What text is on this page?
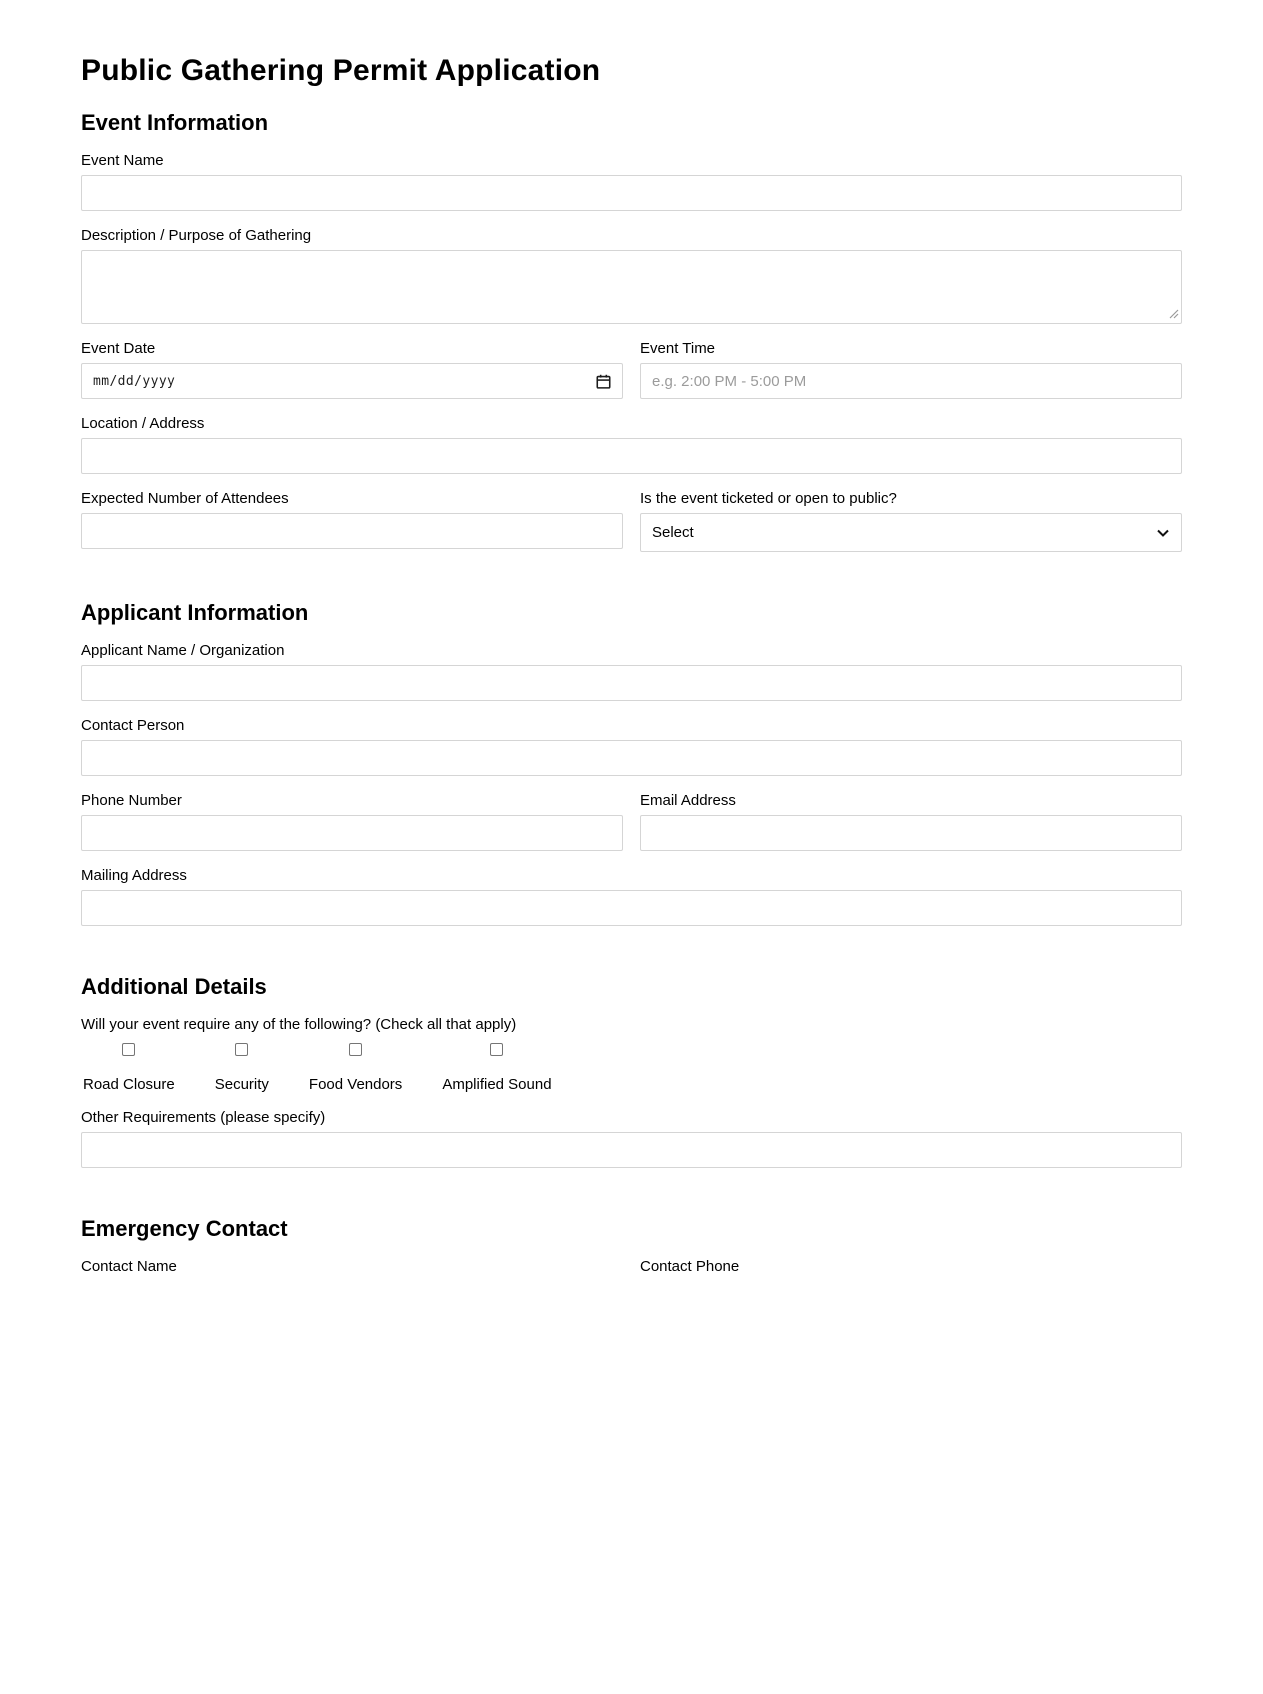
Public Gathering Permit Application
Event Information
Event Name
Description / Purpose of Gathering
Event Date
mm/dd/yyyy
Event Time
e.g. 2:00 PM - 5:00 PM
Location / Address
Expected Number of Attendees	Is the event ticketed or open to public?
Select
Applicant Information
Applicant Name / Organization
Contact Person
Phone Number	Email Address
Mailing Address
Additional Details
Will your event require any of the following? (Check all that apply)
Road Closure	Security	Food Vendors	Amplified Sound
Other Requirements (please specify)
Emergency Contact
Contact Name	Contact Phone
